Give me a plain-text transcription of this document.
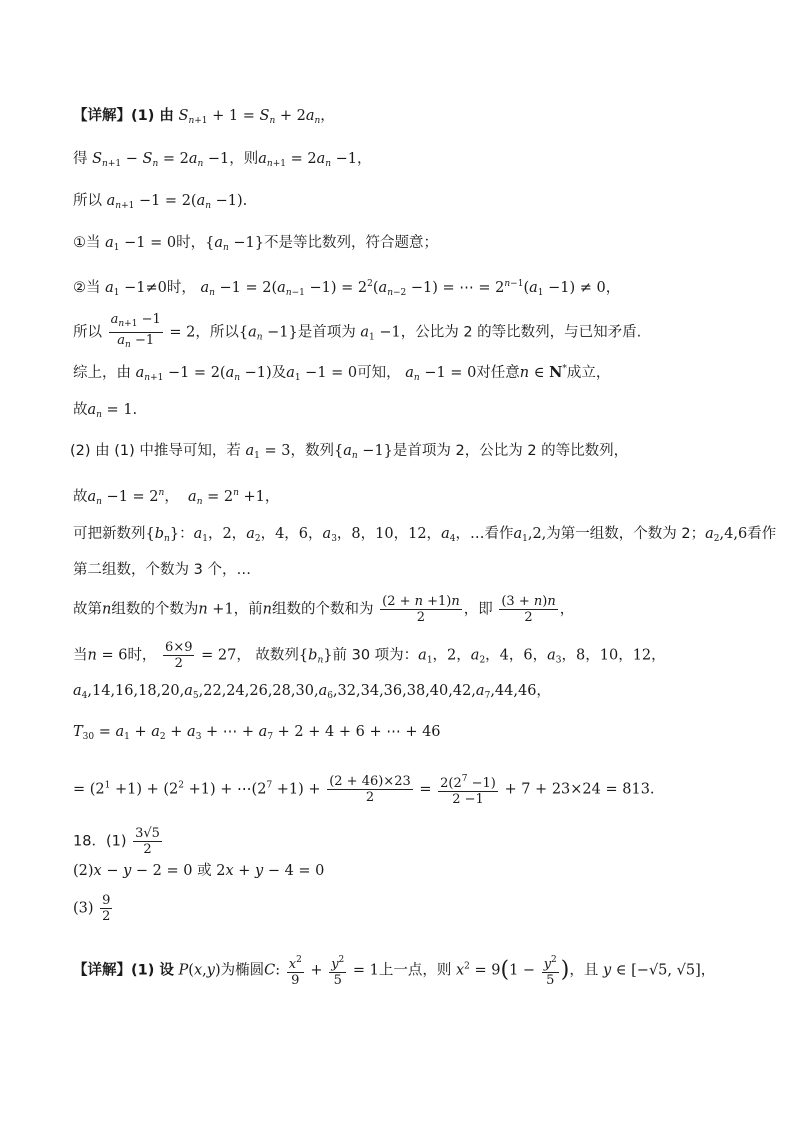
【详解】(1) 由 $S_{n+1} + 1 = S_n + 2a_n$，
得 $S_{n+1} - S_n = 2a_n -1$，则$a_{n+1} = 2a_n -1$，
所以 $a_{n+1} -1 = 2(a_n -1)$.
①当 $a_1 -1 = 0$时，$\{a_n -1\}$不是等比数列，符合题意；
②当 $a_1 -1\ne 0$时， $a_n -1 = 2(a_{n-1} -1) = 2^2(a_{n-2} -1)$ = ⋯ = $2^{n-1}(a_1 -1) \ne 0$，
所以 $\frac{a_{n+1} -1}{a_n -1} = 2$，所以$\{a_n -1\}$是首项为 $a_1 -1$，公比为 2 的等比数列，与已知矛盾.
综上，由 $a_{n+1} -1 = 2(a_n -1)$及$a_1 -1 = 0$可知， $a_n -1 = 0$对任意n ∈ N*成立，
故$a_n = 1$.
(2) 由 (1) 中推导可知，若 $a_1 = 3$，数列$\{a_n -1\}$是首项为 2，公比为 2 的等比数列，
故$a_n -1 = 2^n$，  $a_n = 2^n +1$，
可把新数列$\{b_n\}$：$a_1$，2，$a_2$，4，6，$a_3$，8，10，12，$a_4$，…看作$a_1,2$,为第一组数，个数为 2；$a_2,4,6$看作
第二组数，个数为 3 个，…
故第n组数的个数为n +1，前n组数的个数和为 $\frac{(2 + n +1)n}{2}$ ，即 $\frac{(3 + n)n}{2}$ ，
当n = 6时， $\frac{6\times 9}{2} = 27$， 故数列$\{b_n\}$前 30 项为：$a_1$，2，$a_2$，4，6，$a_3$，8，10，12，
$a_4,14,16,18,20,a_5,22,24,26,28,30,a_6,32,34,36,38,40,42,a_7,44,46$，
$T_{30} = a_1 + a_2 + a_3$ + ⋯ + $a_7 + 2 + 4 + 6$ + ⋯ + 46
= $(2^1 +1) + (2^2 +1)$ + $\cdots(2^7 +1) + \frac{(2 + 46)\times 23}{2} = \frac{2(2^7 -1)}{2 -1} + 7 + 23\times 24 = 813$.
18．$(1) \frac{3√5}{2}$
(2)x − y − 2 = 0 或 2x + y − 4 = 0
$(3) \frac{9}{2}$
【详解】(1) 设 P(x,y)为椭圆C: $\frac{x^2}{9} + \frac{y^2}{5} = 1$上一点，则 $x^2 = 9(1 - \frac{y^2}{5}$ )，且 y ∈ [−√5, √5]，
